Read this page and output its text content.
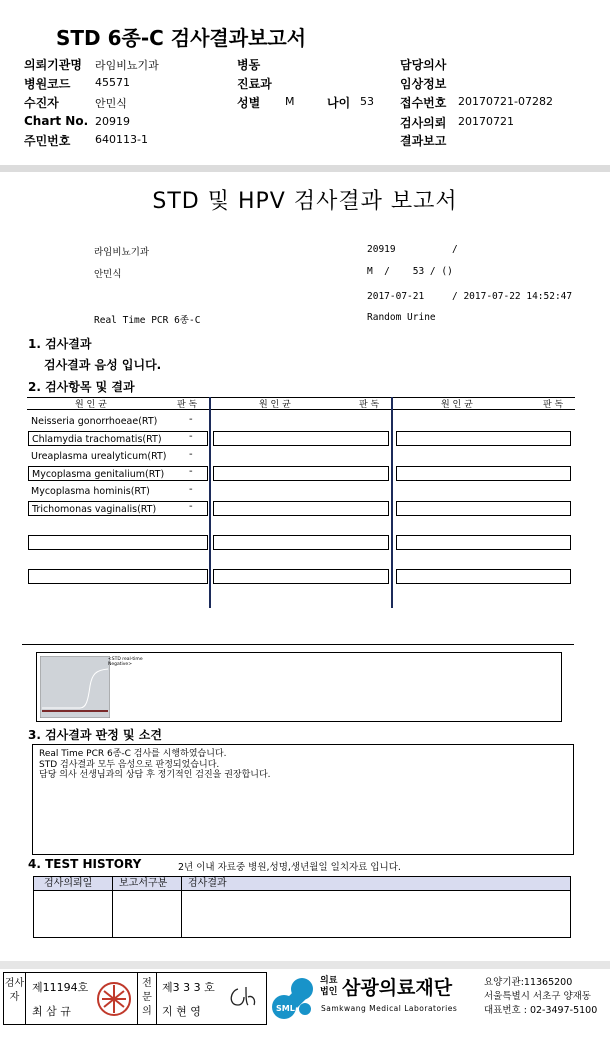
STD 6종-C 검사결과보고서
의뢰기관명 라임비뇨기과	병동	담당의사
병원코드 45571	진료과	임상정보
수진자	안민식	성별 M	나이 53 접수번호 20170721-07282
Chart No. 20919	검사의뢰 20170721
주민번호 640113-1	결과보고
STD 및 HPV 검사결과 보고서
라임비뇨기과	20919	/
안민식	M  /    53 / ()
2017-07-21	/ 2017-07-22 14:52:47
Real Time PCR 6종-C	Random Urine
1. 검사결과
검사결과 음성 입니다.
2. 검사항목 및 결과
원 인 균	판 독	원 인 균	판 독	원 인 균	판 독
Neisseria gonorrhoeae(RT)	-
Chlamydia trachomatis(RT)	-
Ureaplasma urealyticum(RT)	-
Mycoplasma genitalium(RT)	-
Mycoplasma hominis(RT)	-
Trichomonas vaginalis(RT)	-
<STD real-time
Negative>
3. 검사결과 판정 및 소견
Real Time PCR 6종-C 검사를 시행하였습니다.
STD 검사결과 모두 음성으로 판정되었습니다.
담당 의사 선생님과의 상담 후 정기적인 검진을 권장합니다.
4. TEST HISTORY	2년 이내 자료중 병원,성명,생년월일 일치자료 입니다.
검사의뢰일	보고서구분	검사결과
검사자
제11194호
최 삼 규
전문의
제3 3 3 호
지 현 영	SML
의료
법인 삼광의료재단
Samkwang Medical Laboratories
요양기관:11365200
서울특별시 서초구 양재동
대표번호 : 02-3497-5100
